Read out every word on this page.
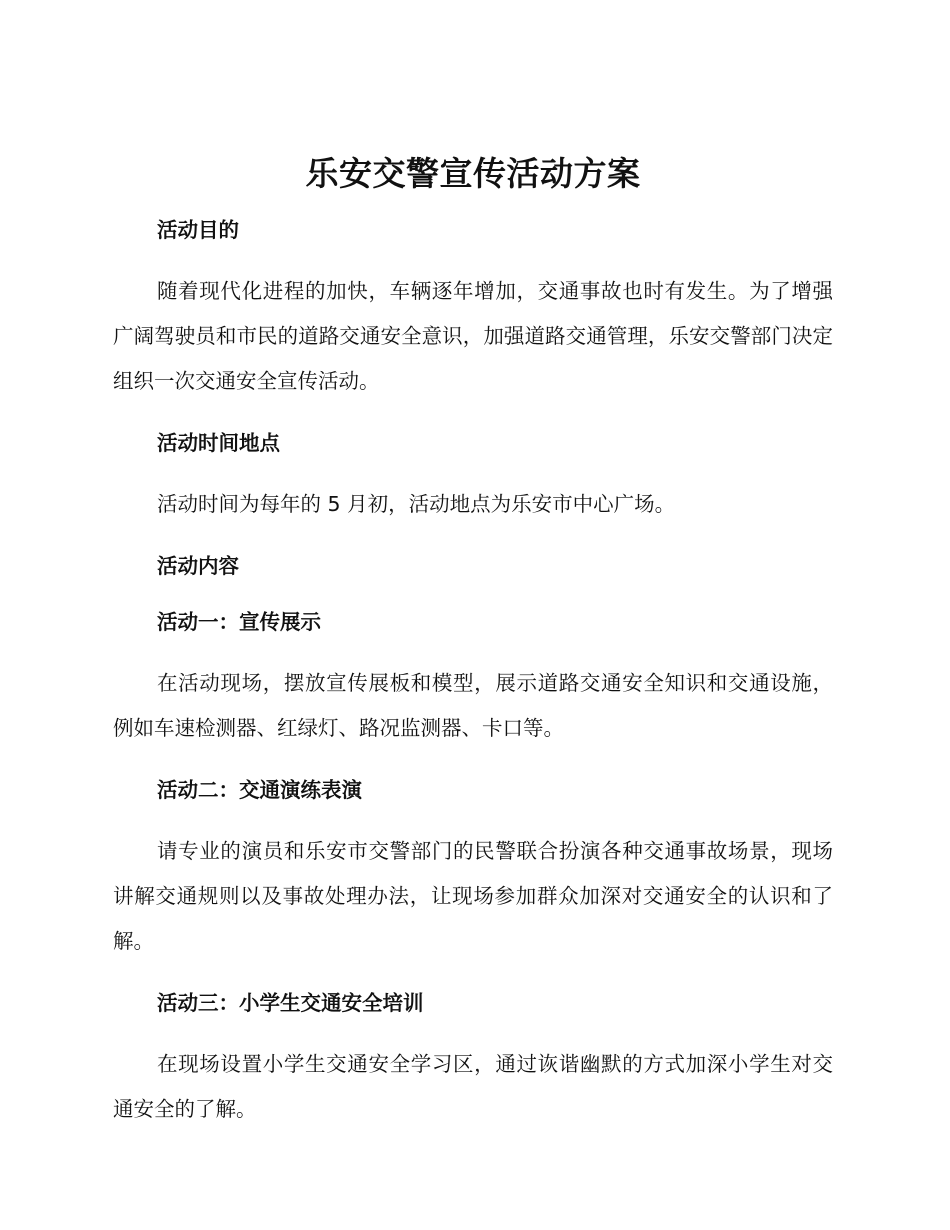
乐安交警宣传活动方案
活动目的

随着现代化进程的加快，车辆逐年增加，交通事故也时有发生。为了增强广阔驾驶员和市民的道路交通安全意识，加强道路交通管理，乐安交警部门决定组织一次交通安全宣传活动。

活动时间地点

活动时间为每年的 5 月初，活动地点为乐安市中心广场。

活动内容
活动一：宣传展示

在活动现场，摆放宣传展板和模型，展示道路交通安全知识和交通设施，例如车速检测器、红绿灯、路况监测器、卡口等。

活动二：交通演练表演

请专业的演员和乐安市交警部门的民警联合扮演各种交通事故场景，现场讲解交通规则以及事故处理办法，让现场参加群众加深对交通安全的认识和了解。

活动三：小学生交通安全培训

在现场设置小学生交通安全学习区，通过诙谐幽默的方式加深小学生对交通安全的了解。
